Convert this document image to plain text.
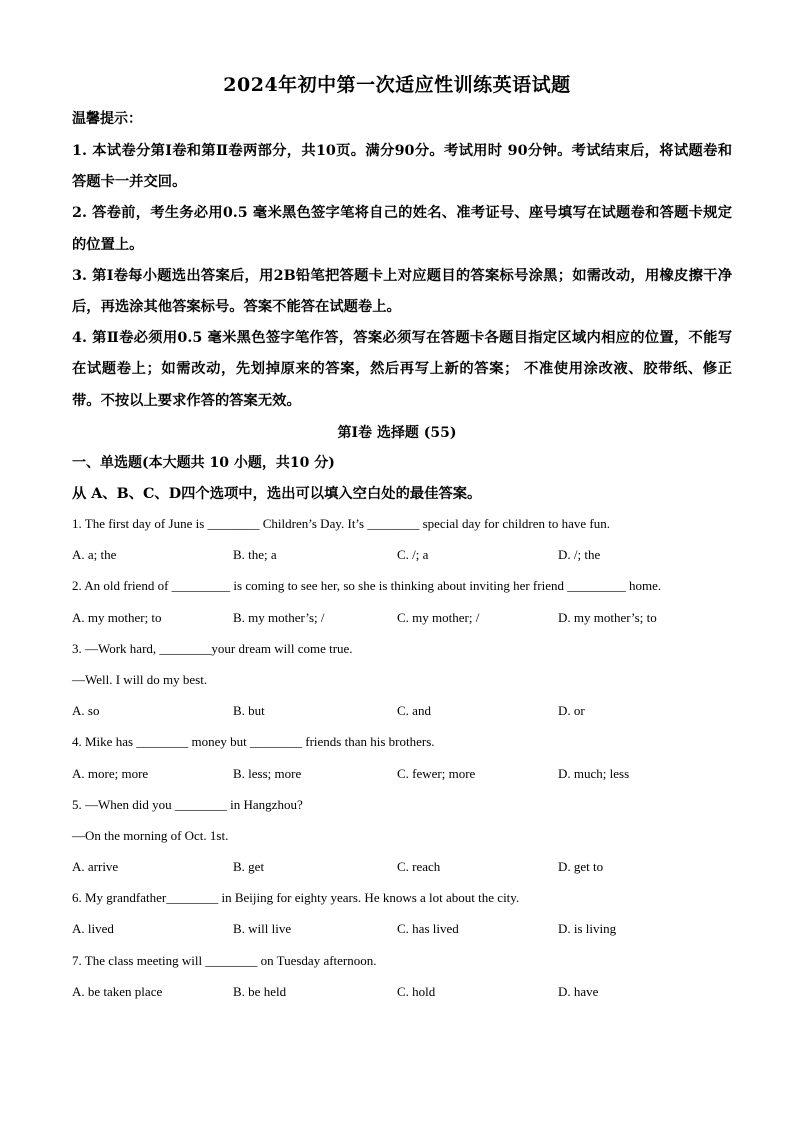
2024年初中第一次适应性训练英语试题
温馨提示：
1. 本试卷分第Ⅰ卷和第Ⅱ卷两部分，共10页。满分90分。考试用时 90分钟。考试结束后，将试题卷和答题卡一并交回。
2. 答卷前，考生务必用0.5 毫米黑色签字笔将自己的姓名、准考证号、座号填写在试题卷和答题卡规定的位置上。
3. 第Ⅰ卷每小题选出答案后，用2B铅笔把答题卡上对应题目的答案标号涂黑；如需改动，用橡皮擦干净后，再选涂其他答案标号。答案不能答在试题卷上。
4. 第Ⅱ卷必须用0.5 毫米黑色签字笔作答，答案必须写在答题卡各题目指定区域内相应的位置，不能写在试题卷上；如需改动，先划掉原来的答案，然后再写上新的答案； 不准使用涂改液、胶带纸、修正带。不按以上要求作答的答案无效。
第Ⅰ卷 选择题 (55)
一、单选题(本大题共 10 小题，共10 分)
从 A、B、C、D四个选项中，选出可以填入空白处的最佳答案。
1. The first day of June is ________ Children’s Day. It’s ________ special day for children to have fun.
A. a; the	B. the; a	C. /; a	D. /; the
2. An old friend of _________ is coming to see her, so she is thinking about inviting her friend _________ home.
A. my mother; to	B. my mother’s; /	C. my mother; /	D. my mother’s; to
3. —Work hard, ________your dream will come true.
—Well. I will do my best.
A. so	B. but	C. and	D. or
4. Mike has ________ money but ________ friends than his brothers.
A. more; more	B. less; more	C. fewer; more	D. much; less
5. —When did you ________ in Hangzhou?
—On the morning of Oct. 1st.
A. arrive	B. get	C. reach	D. get to
6. My grandfather________ in Beijing for eighty years. He knows a lot about the city.
A. lived	B. will live	C. has lived	D. is living
7. The class meeting will ________ on Tuesday afternoon.
A. be taken place	B. be held	C. hold	D. have
